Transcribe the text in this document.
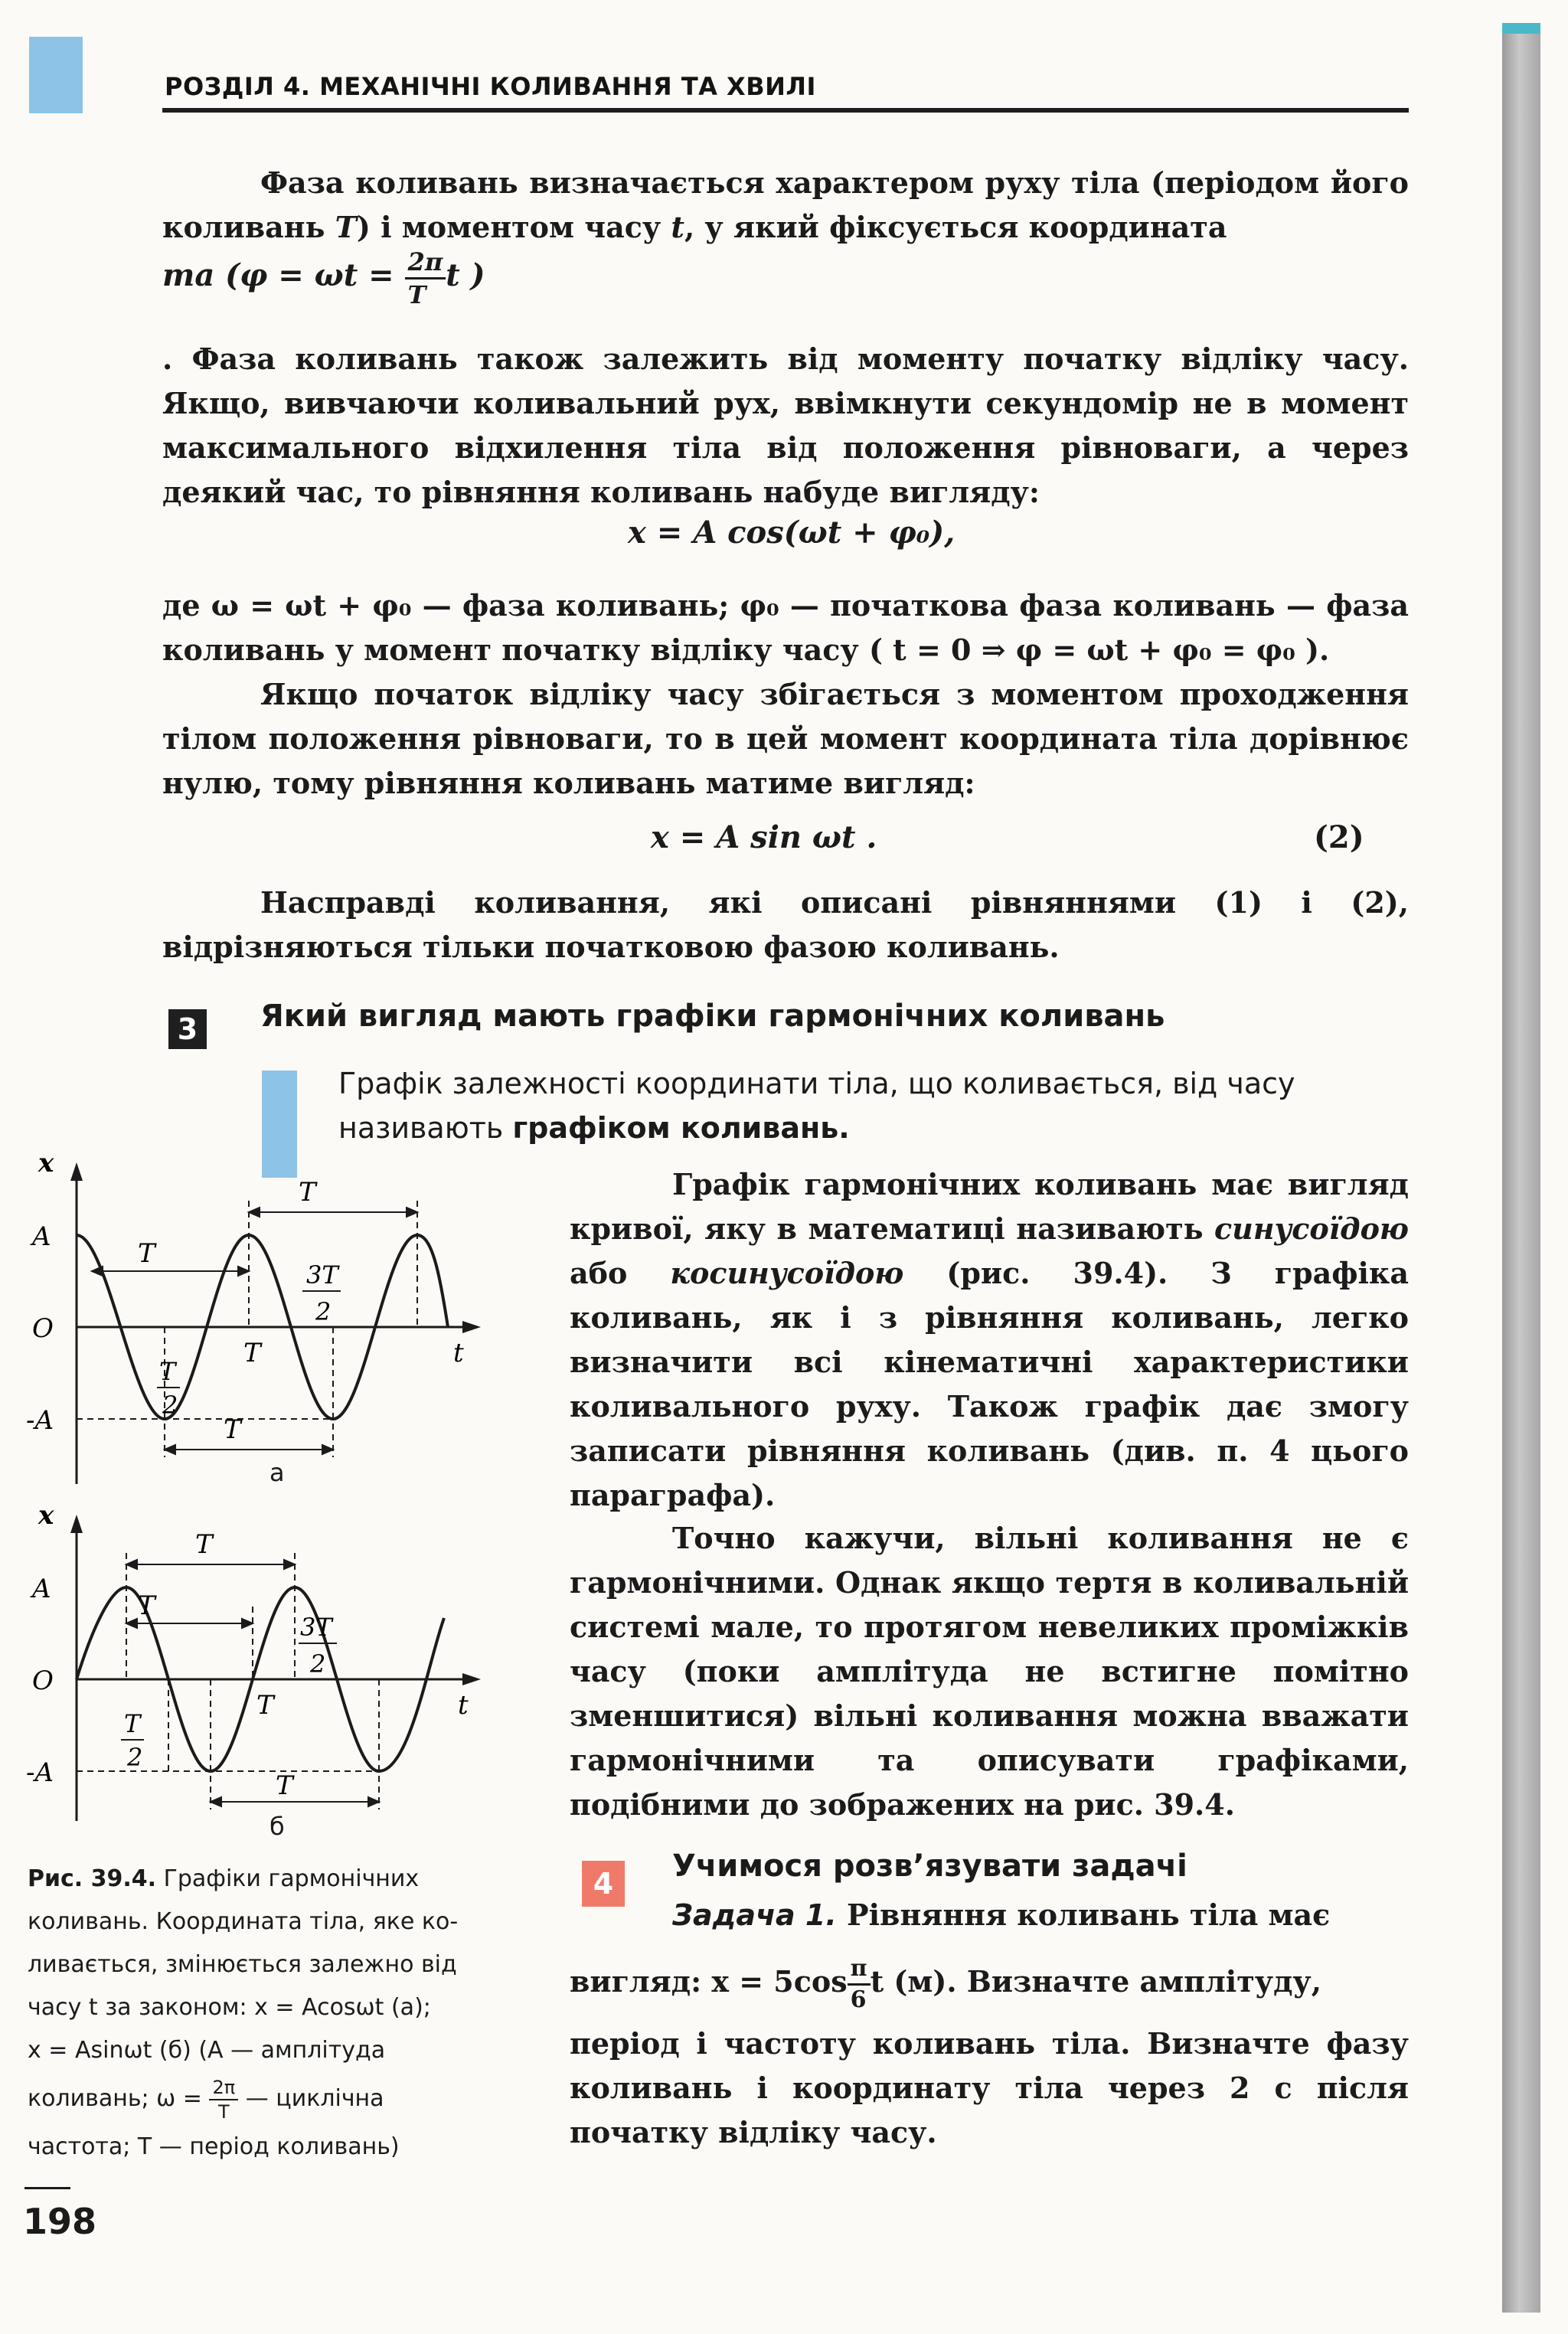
РОЗДІЛ 4. МЕХАНІЧНІ КОЛИВАННЯ ТА ХВИЛІ
Фаза коливань визначається характером руху тіла (періодом його коливань T) і моментом часу t, у який фіксується координата
та ($\varphi = \omega t = \frac{2\pi}{T}$ t )
. Фаза коливань також залежить від моменту початку відліку часу. Якщо, вивчаючи коливальний рух, ввімкнути секундомір не в момент максимального відхилення тіла від положення рівноваги, а через деякий час, то рівняння коливань набуде вигляду:
x = A cos(ωt + φ₀),
де ω = ωt + φ₀ — фаза коливань; φ₀ — початкова фаза коливань — фаза коливань у момент початку відліку часу ( t = 0 ⇒ φ = ωt + φ₀ = φ₀ ).
Якщо початок відліку часу збігається з моментом проходження тілом положення рівноваги, то в цей момент координата тіла дорівнює нулю, тому рівняння коливань матиме вигляд:
x = A sin ωt .	(2)
Насправді коливання, які описані рівняннями (1) і (2), відрізняються тільки початковою фазою коливань.
3 Який вигляд мають графіки гармонічних коливань
Графік залежності координати тіла, що коливається, від часу називають графіком коливань.
Графік гармонічних коливань має вигляд кривої, яку в математиці називають синусоїдою або косинусоїдою (рис. 39.4). З графіка коливань, як і з рівняння коливань, легко визначити всі кінематичні характеристики коливального руху. Також графік дає змогу записати рівняння коливань (див. п. 4 цього параграфа).
Точно кажучи, вільні коливання не є гармонічними. Однак якщо тертя в коливальній системі мале, то протягом невеликих проміжків часу (поки амплітуда не встигне помітно зменшитися) вільні коливання можна вважати гармонічними та описувати графіками, подібними до зображених на рис. 39.4.
x
A
O
-A
t
T
T
T
T
3T
2
T
2
а
x
A
O
-A
t
T
T
T
T
3T
2
T
2
б
Рис. 39.4. Графіки гармонічних
коливань. Координата тіла, яке ко-
ливається, змінюється залежно від
часу t за законом: x = Acosωt (а);
x = Asinωt (б) (A — амплітуда
коливань; $\omega = \frac{2\pi}{T}$ — циклічна
частота; T — період коливань)
4	Учимося розв’язувати задачі
Задача 1. Рівняння коливань тіла має
вигляд: $x = 5\cos \frac{\pi}{6}$ t (м). Визначте амплітуду,
період і частоту коливань тіла. Визначте фазу коливань і координату тіла через 2 с після початку відліку часу.
198
